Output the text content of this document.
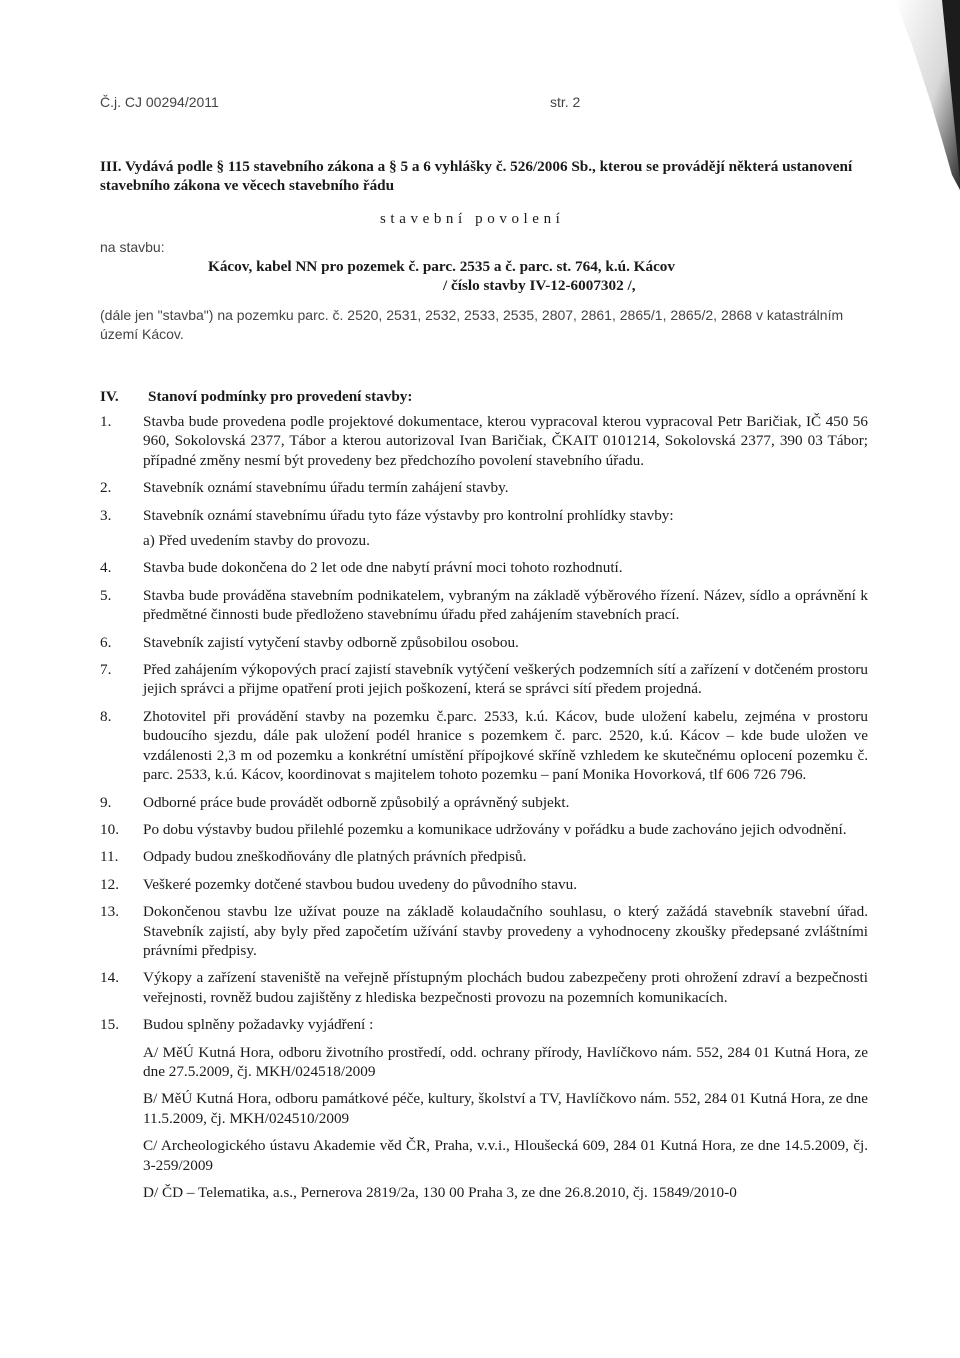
Č.j. CJ 00294/2011	str. 2
III. Vydává podle § 115 stavebního zákona a § 5 a 6 vyhlášky č. 526/2006 Sb., kterou se provádějí některá ustanovení stavebního zákona ve věcech stavebního řádu
stavební povolení
na stavbu:
Kácov, kabel NN pro pozemek č. parc. 2535 a č. parc. st. 764, k.ú. Kácov
/ číslo stavby IV-12-6007302 /,
(dále jen "stavba") na pozemku parc. č. 2520, 2531, 2532, 2533, 2535, 2807, 2861, 2865/1, 2865/2, 2868 v katastrálním území Kácov.
IV. Stanoví podmínky pro provedení stavby:
1.	Stavba bude provedena podle projektové dokumentace, kterou vypracoval kterou vypracoval Petr Baričiak, IČ 450 56 960, Sokolovská 2377, Tábor a kterou autorizoval Ivan Baričiak, ČKAIT 0101214, Sokolovská 2377, 390 03 Tábor; případné změny nesmí být provedeny bez předchozího povolení stavebního úřadu.
2.	Stavebník oznámí stavebnímu úřadu termín zahájení stavby.
3.	Stavebník oznámí stavebnímu úřadu tyto fáze výstavby pro kontrolní prohlídky stavby:
a) Před uvedením stavby do provozu.
4.	Stavba bude dokončena do 2 let ode dne nabytí právní moci tohoto rozhodnutí.
5.	Stavba bude prováděna stavebním podnikatelem, vybraným na základě výběrového řízení. Název, sídlo a oprávnění k předmětné činnosti bude předloženo stavebnímu úřadu před zahájením stavebních prací.
6.	Stavebník zajistí vytyčení stavby odborně způsobilou osobou.
7.	Před zahájením výkopových prací zajistí stavebník vytýčení veškerých podzemních sítí a zařízení v dotčeném prostoru jejich správci a přijme opatření proti jejich poškození, která se správci sítí předem projedná.
8.	Zhotovitel při provádění stavby na pozemku č.parc. 2533, k.ú. Kácov, bude uložení kabelu, zejména v prostoru budoucího sjezdu, dále pak uložení podél hranice s pozemkem č. parc. 2520, k.ú. Kácov – kde bude uložen ve vzdálenosti 2,3 m od pozemku a konkrétní umístění přípojkové skříně vzhledem ke skutečnému oplocení pozemku č. parc. 2533, k.ú. Kácov, koordinovat s majitelem tohoto pozemku – paní Monika Hovorková, tlf 606 726 796.
9.	Odborné práce bude provádět odborně způsobilý a oprávněný subjekt.
10.	Po dobu výstavby budou přilehlé pozemku a komunikace udržovány v pořádku a bude zachováno jejich odvodnění.
11.	Odpady budou zneškodňovány dle platných právních předpisů.
12.	Veškeré pozemky dotčené stavbou budou uvedeny do původního stavu.
13.	Dokončenou stavbu lze užívat pouze na základě kolaudačního souhlasu, o který zažádá stavebník stavební úřad. Stavebník zajistí, aby byly před započetím užívání stavby provedeny a vyhodnoceny zkoušky předepsané zvláštními právními předpisy.
14.	Výkopy a zařízení staveniště na veřejně přístupným plochách budou zabezpečeny proti ohrožení zdraví a bezpečnosti veřejnosti, rovněž budou zajištěny z hlediska bezpečnosti provozu na pozemních komunikacích.
15.	Budou splněny požadavky vyjádření :
A/ MěÚ Kutná Hora, odboru životního prostředí, odd. ochrany přírody, Havlíčkovo nám. 552, 284 01 Kutná Hora, ze dne 27.5.2009, čj. MKH/024518/2009
B/ MěÚ Kutná Hora, odboru památkové péče, kultury, školství a TV, Havlíčkovo nám. 552, 284 01 Kutná Hora, ze dne 11.5.2009, čj. MKH/024510/2009
C/ Archeologického ústavu Akademie věd ČR, Praha, v.v.i., Hloušecká 609, 284 01 Kutná Hora, ze dne 14.5.2009, čj. 3-259/2009
D/ ČD – Telematika, a.s., Pernerova 2819/2a, 130 00 Praha 3, ze dne 26.8.2010, čj. 15849/2010-0
